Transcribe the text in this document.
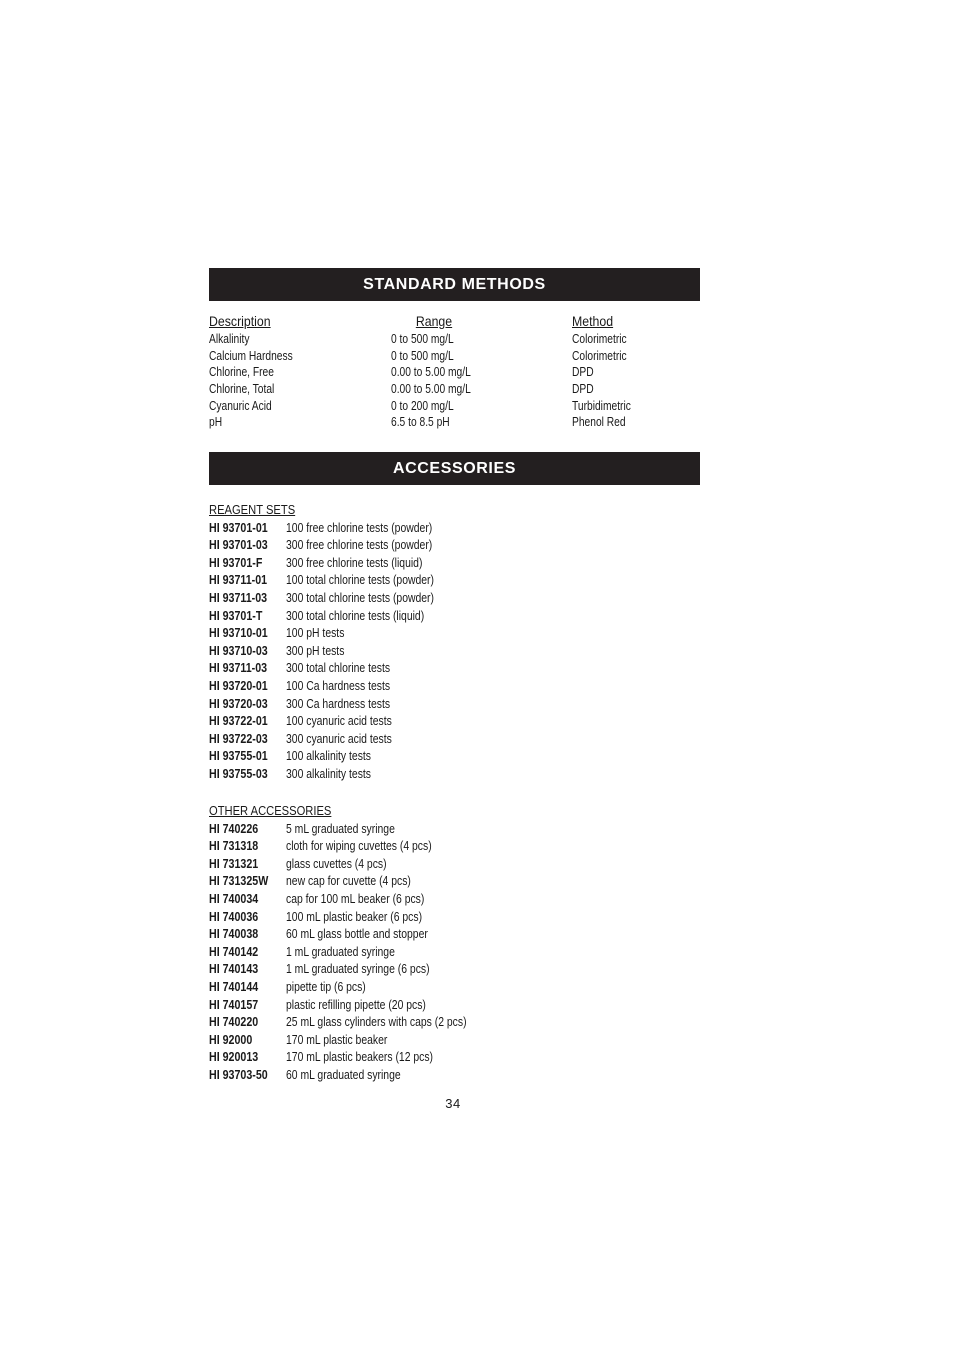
STANDARD METHODS
Description
Alkalinity
Calcium Hardness
Chlorine, Free
Chlorine, Total
Cyanuric Acid
pH
Range
0 to 500 mg/L
0 to 500 mg/L
0.00 to 5.00 mg/L
0.00 to 5.00 mg/L
0 to 200 mg/L
6.5 to 8.5 pH
Method
Colorimetric
Colorimetric
DPD
DPD
Turbidimetric
Phenol Red
ACCESSORIES
REAGENT SETS
HI 93701-01 100 free chlorine tests (powder)
HI 93701-03 300 free chlorine tests (powder)
HI 93701-F 300 free chlorine tests (liquid)
HI 93711-01 100 total chlorine tests (powder)
HI 93711-03 300 total chlorine tests (powder)
HI 93701-T 300 total chlorine tests (liquid)
HI 93710-01 100 pH tests
HI 93710-03 300 pH tests
HI 93711-03 300 total chlorine tests
HI 93720-01 100 Ca hardness tests
HI 93720-03 300 Ca hardness tests
HI 93722-01 100 cyanuric acid tests
HI 93722-03 300 cyanuric acid tests
HI 93755-01 100 alkalinity tests
HI 93755-03 300 alkalinity tests
OTHER ACCESSORIES
HI 740226 5 mL graduated syringe
HI 731318 cloth for wiping cuvettes (4 pcs)
HI 731321 glass cuvettes (4 pcs)
HI 731325W new cap for cuvette (4 pcs)
HI 740034 cap for 100 mL beaker (6 pcs)
HI 740036 100 mL plastic beaker (6 pcs)
HI 740038 60 mL glass bottle and stopper
HI 740142 1 mL graduated syringe
HI 740143 1 mL graduated syringe (6 pcs)
HI 740144 pipette tip (6 pcs)
HI 740157 plastic refilling pipette (20 pcs)
HI 740220 25 mL glass cylinders with caps (2 pcs)
HI 92000	170 mL plastic beaker
HI 920013 170 mL plastic beakers (12 pcs)
HI 93703-50 60 mL graduated syringe
34
